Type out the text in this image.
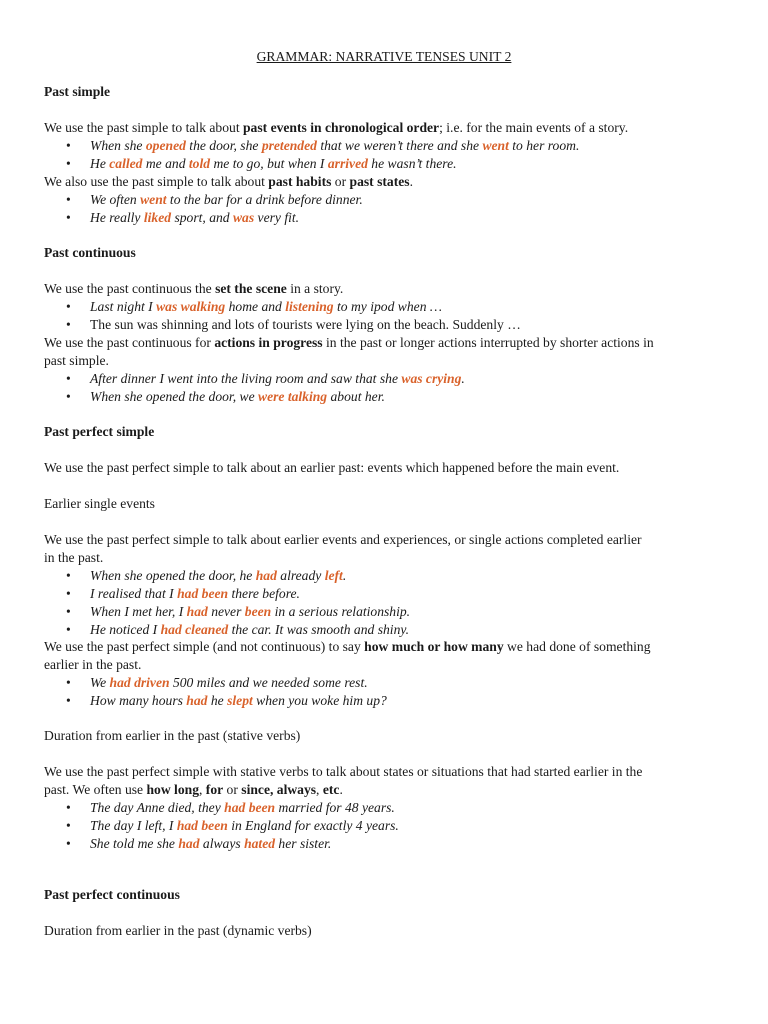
GRAMMAR: NARRATIVE TENSES UNIT 2
Past simple
We use the past simple to talk about past events in chronological order; i.e. for the main events of a story.
When she opened the door, she pretended that we weren’t there and she went to her room.
He called me and told me to go, but when I arrived he wasn’t there.
We also use the past simple to talk about past habits or past states.
We often went to the bar for a drink before dinner.
He really liked sport, and was very fit.
Past continuous
We use the past continuous the set the scene in a story.
Last night I was walking home and listening to my ipod when …
The sun was shinning and lots of tourists were lying on the beach. Suddenly …
We use the past continuous for actions in progress in the past or longer actions interrupted by shorter actions in
past simple.
After dinner I went into the living room and saw that she was crying.
When she opened the door, we were talking about her.
Past perfect simple
We use the past perfect simple to talk about an earlier past: events which happened before the main event.
Earlier single events
We use the past perfect simple to talk about earlier events and experiences, or single actions completed earlier
in the past.
When she opened the door, he had already left.
I realised that I had been there before.
When I met her, I had never been in a serious relationship.
He noticed I had cleaned the car. It was smooth and shiny.
We use the past perfect simple (and not continuous) to say how much or how many we had done of something
earlier in the past.
We had driven 500 miles and we needed some rest.
How many hours had he slept when you woke him up?
Duration from earlier in the past (stative verbs)
We use the past perfect simple with stative verbs to talk about states or situations that had started earlier in the
past. We often use how long, for or since, always, etc.
The day Anne died, they had been married for 48 years.
The day I left, I had been in England for exactly 4 years.
She told me she had always hated her sister.
Past perfect continuous
Duration from earlier in the past (dynamic verbs)
